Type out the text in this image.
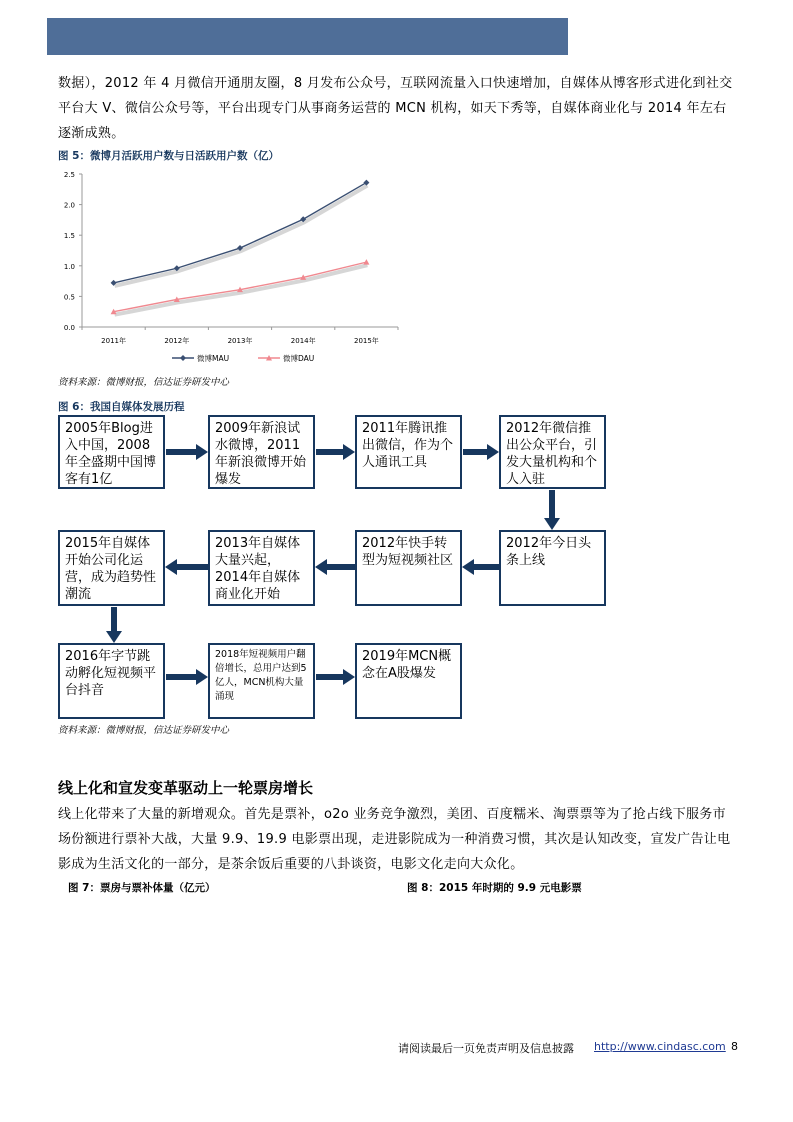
数据），2012 年 4 月微信开通朋友圈，8 月发布公众号，互联网流量入口快速增加，自媒体从博客形式进化到社交平台大 V、微信公众号等，平台出现专门从事商务运营的 MCN 机构，如天下秀等，自媒体商业化与 2014 年左右逐渐成熟。
图 5：微博月活跃用户数与日活跃用户数（亿）
0.0
0.5
1.0
1.5
2.0
2.5
2011年	2012年	2013年	2014年	2015年
微博MAU	微博DAU
资料来源：微博财报，信达证券研发中心
图 6：我国自媒体发展历程
2005年Blog进入中国，2008年全盛期中国博客有1亿
2009年新浪试水微博，2011年新浪微博开始爆发
2011年腾讯推出微信，作为个人通讯工具
2012年微信推出公众平台，引发大量机构和个人入驻
2012年今日头条上线
2012年快手转型为短视频社区
2013年自媒体大量兴起，2014年自媒体商业化开始
2015年自媒体开始公司化运营，成为趋势性潮流
2016年字节跳动孵化短视频平台抖音
2018年短视频用户翻倍增长，总用户达到5亿人，MCN机构大量涌现
2019年MCN概念在A股爆发
资料来源：微博财报，信达证券研发中心
线上化和宣发变革驱动上一轮票房增长
线上化带来了大量的新增观众。首先是票补，o2o 业务竞争激烈，美团、百度糯米、淘票票等为了抢占线下服务市场份额进行票补大战，大量 9.9、19.9 电影票出现，走进影院成为一种消费习惯，其次是认知改变，宣发广告让电影成为生活文化的一部分，是茶余饭后重要的八卦谈资，电影文化走向大众化。
图 7：票房与票补体量（亿元）	图 8：2015 年时期的 9.9 元电影票
请阅读最后一页免责声明及信息披露 http://www.cindasc.com 8
